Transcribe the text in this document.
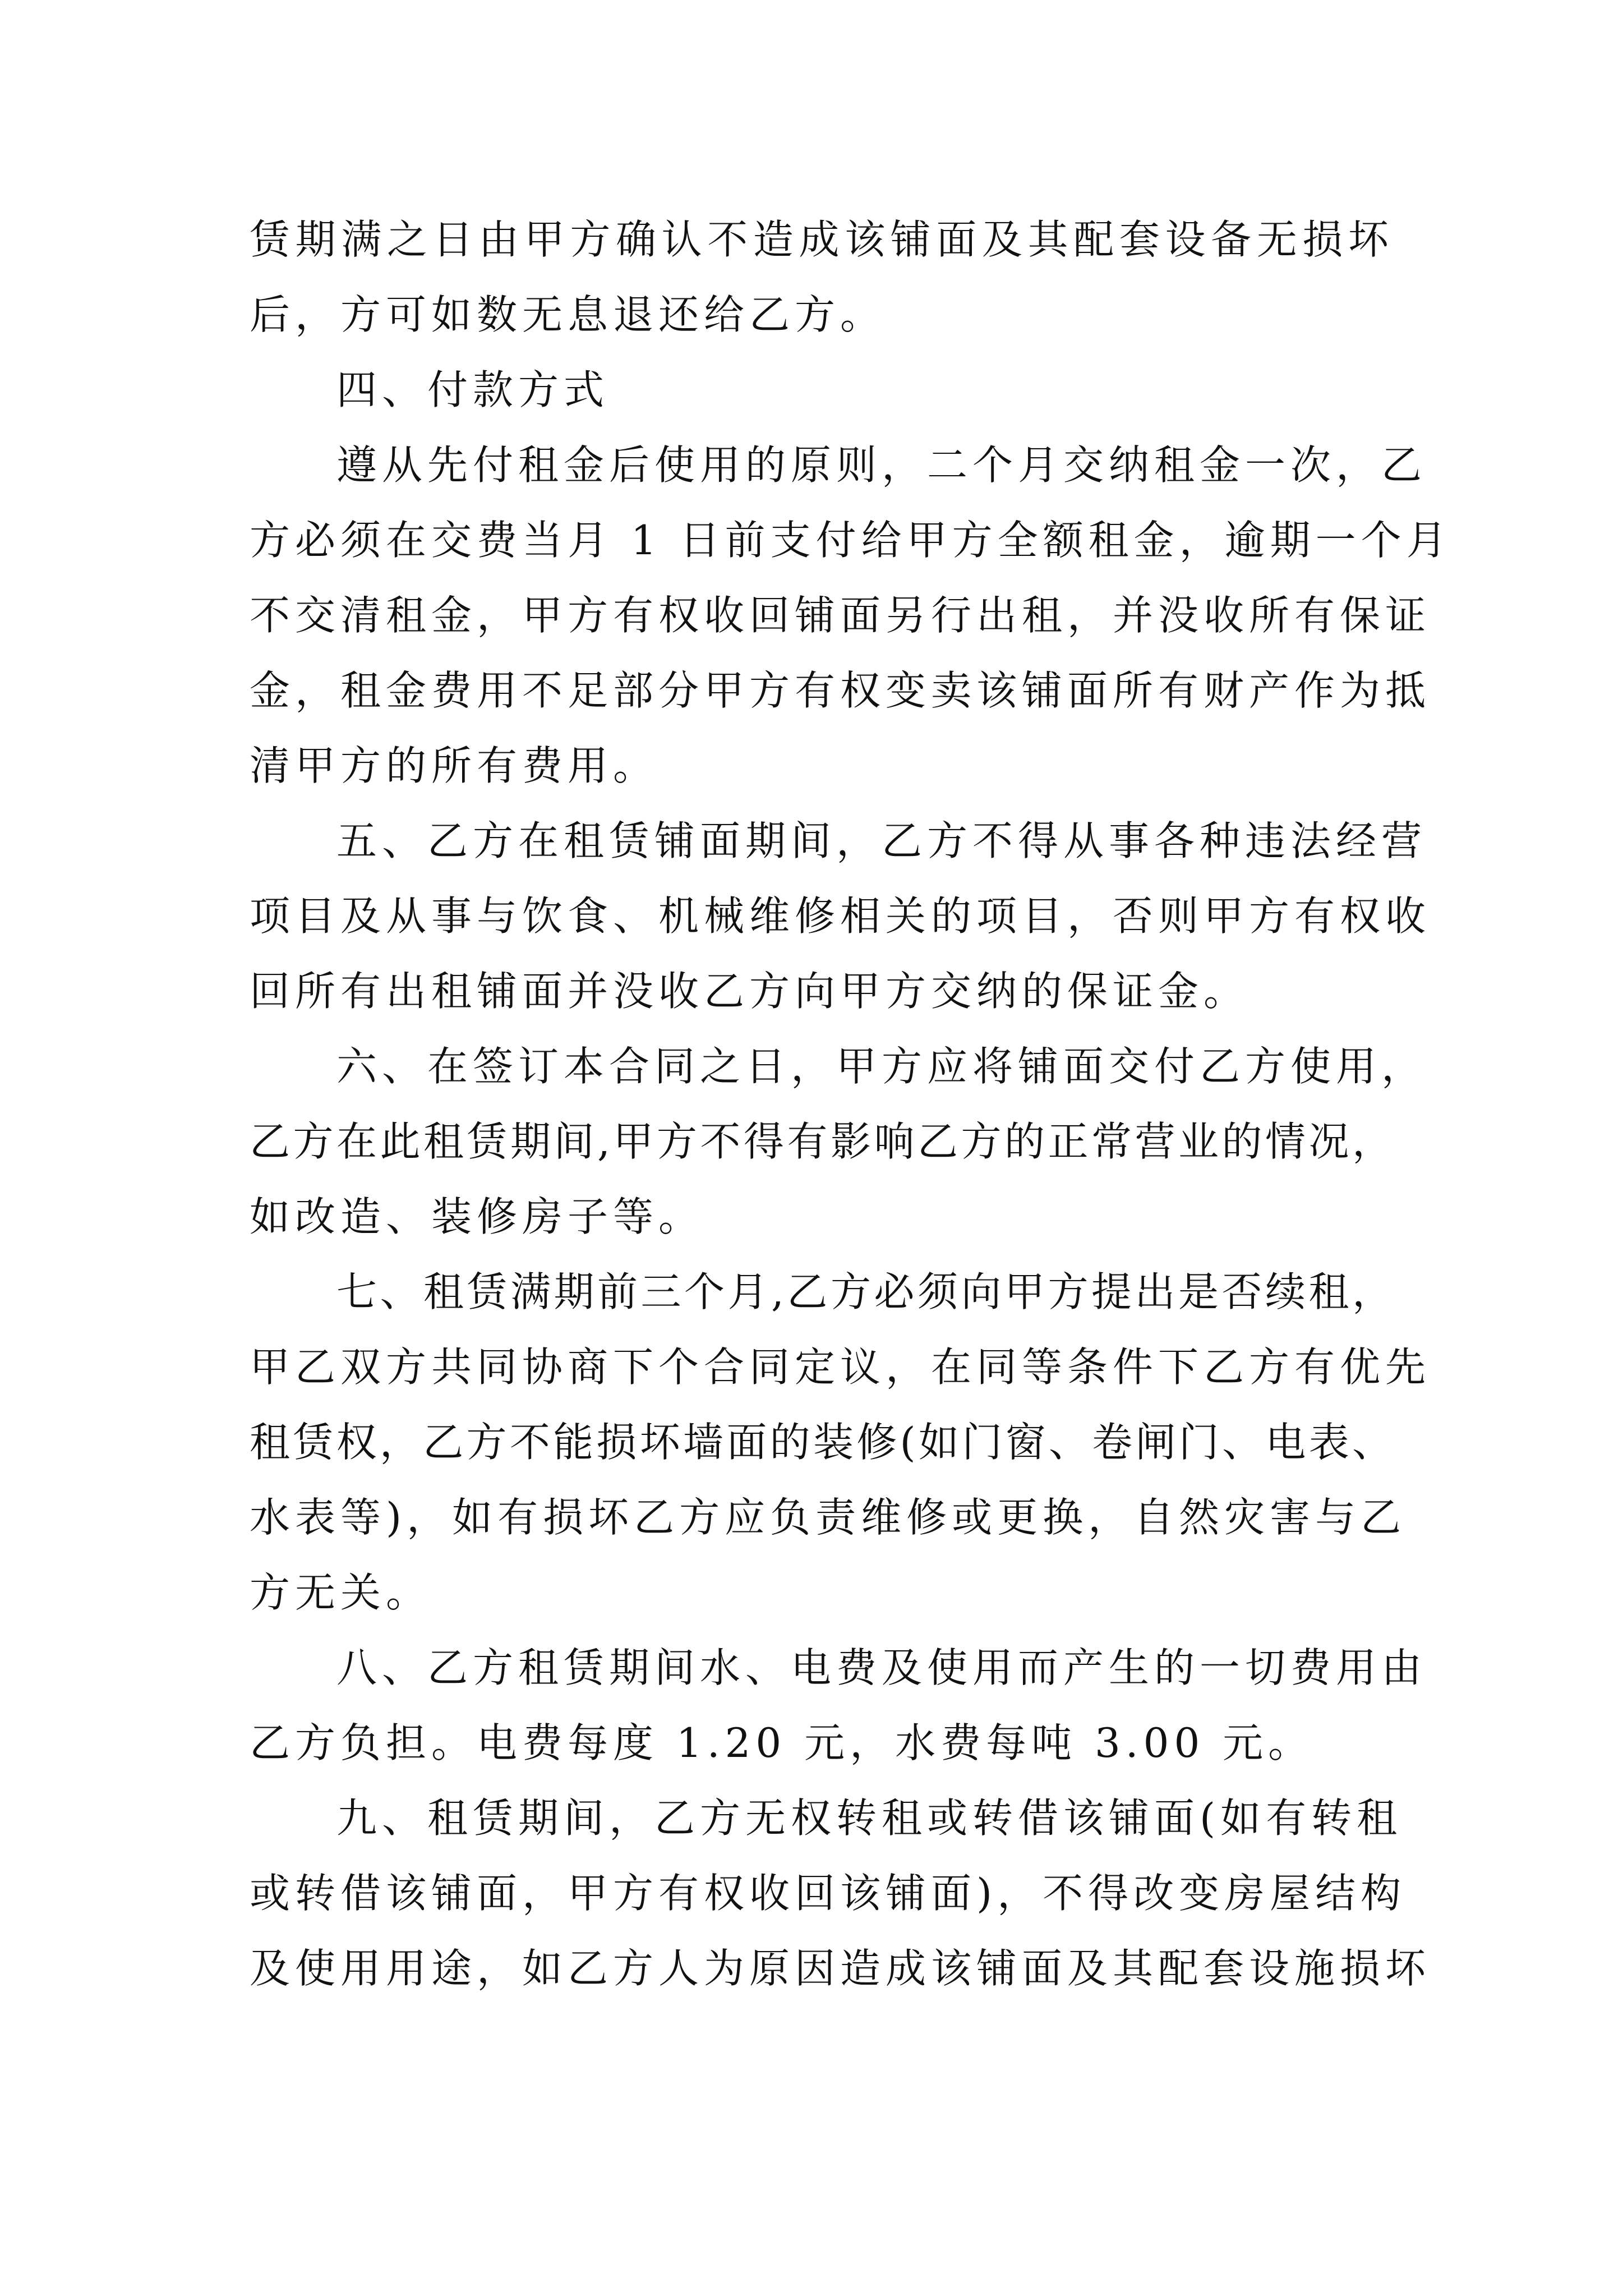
赁期满之日由甲方确认不造成该铺面及其配套设备无损坏
后，方可如数无息退还给乙方。
四、付款方式
遵从先付租金后使用的原则，二个月交纳租金一次，乙
方必须在交费当月 1 日前支付给甲方全额租金，逾期一个月
不交清租金，甲方有权收回铺面另行出租，并没收所有保证
金，租金费用不足部分甲方有权变卖该铺面所有财产作为抵
清甲方的所有费用。
五、乙方在租赁铺面期间，乙方不得从事各种违法经营
项目及从事与饮食、机械维修相关的项目，否则甲方有权收
回所有出租铺面并没收乙方向甲方交纳的保证金。
六、在签订本合同之日，甲方应将铺面交付乙方使用，
乙方在此租赁期间,甲方不得有影响乙方的正常营业的情况，
如改造、装修房子等。
七、租赁满期前三个月,乙方必须向甲方提出是否续租，
甲乙双方共同协商下个合同定议，在同等条件下乙方有优先
租赁权，乙方不能损坏墙面的装修(如门窗、卷闸门、电表、
水表等)，如有损坏乙方应负责维修或更换，自然灾害与乙
方无关。
八、乙方租赁期间水、电费及使用而产生的一切费用由
乙方负担。电费每度 1.20 元，水费每吨 3.00 元。
九、租赁期间，乙方无权转租或转借该铺面(如有转租
或转借该铺面，甲方有权收回该铺面)，不得改变房屋结构
及使用用途，如乙方人为原因造成该铺面及其配套设施损坏
